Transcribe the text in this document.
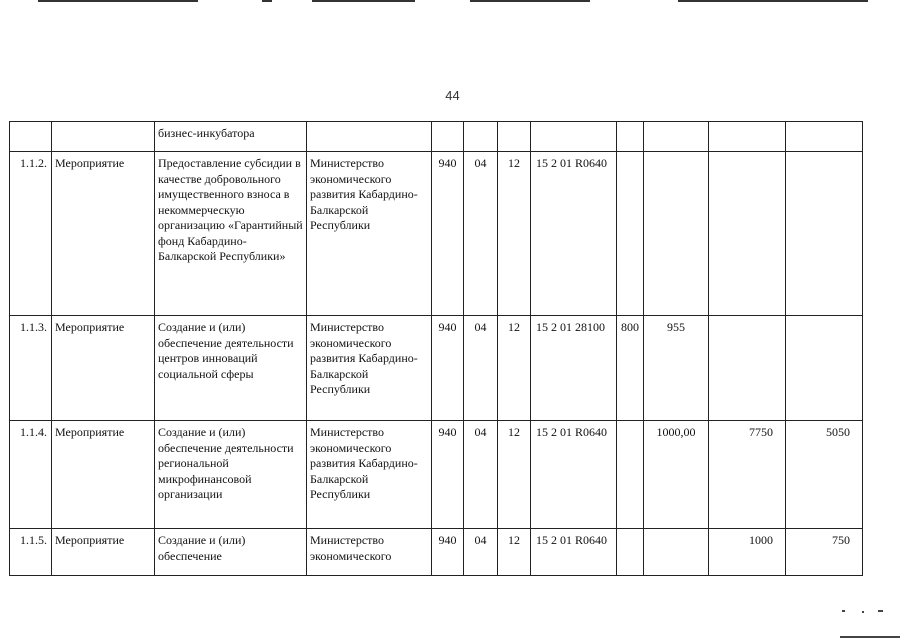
44
		бизнес-инкубатора									
1.1.2.	Мероприятие	Предоставление субсидии в качестве добровольного имущественного взноса в некоммерческую организацию «Гарантийный фонд Кабардино-Балкарской Республики»	Министерство экономического развития Кабардино-Балкарской Республики	940	04	12	15 2 01 R0640				
1.1.3.	Мероприятие	Создание и (или) обеспечение деятельности центров инноваций социальной сферы	Министерство экономического развития Кабардино-Балкарской Республики	940	04	12	15 2 01 28100	800	955		
1.1.4.	Мероприятие	Создание и (или) обеспечение деятельности региональной микрофинансовой организации	Министерство экономического развития Кабардино-Балкарской Республики	940	04	12	15 2 01 R0640		1000,00	7750	5050
1.1.5.	Мероприятие	Создание и (или) обеспечение	Министерство экономического	940	04	12	15 2 01 R0640			1000	750
